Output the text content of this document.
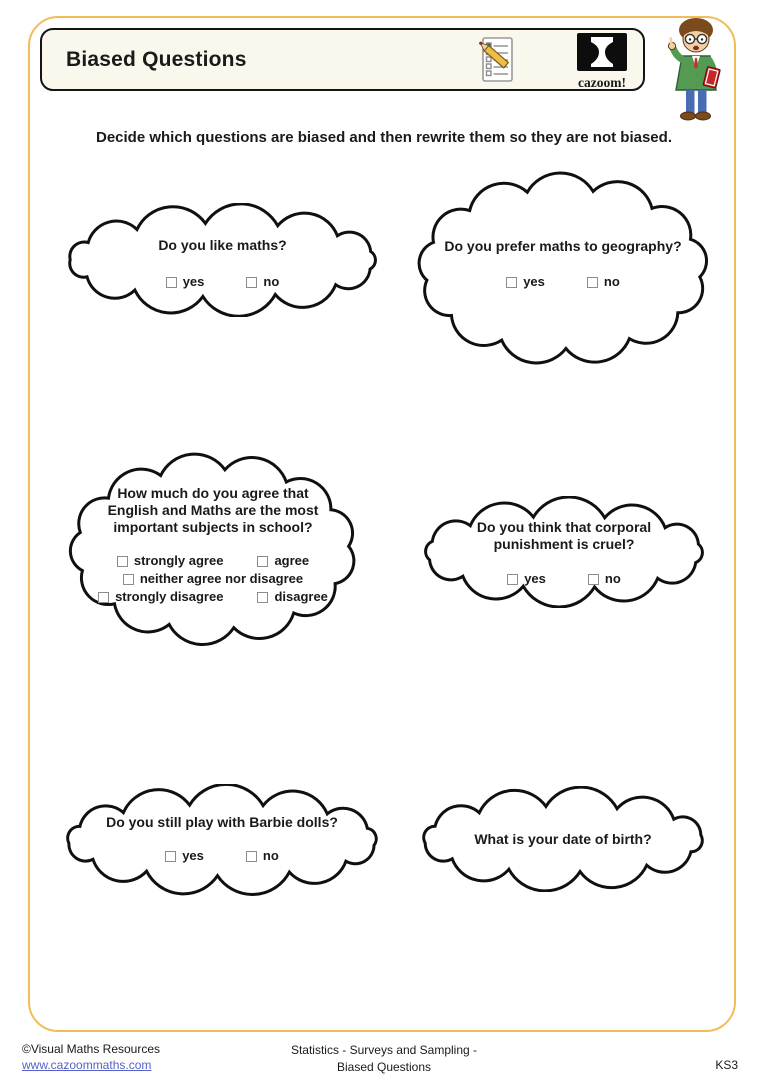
Biased Questions
cazoom!
Decide which questions are biased and then rewrite them so they are not biased.
Do you like maths?
yes	no
Do you prefer maths to geography?
yes	no
How much do you agree that English and Maths are the most important subjects in school?
strongly agree	agree
neither agree nor disagree
strongly disagree	disagree
Do you think that corporal punishment is cruel?
yes	no
Do you still play with Barbie dolls?
yes	no
What is your date of birth?
©Visual Maths Resources
www.cazoommaths.com
Statistics - Surveys and Sampling -
Biased Questions	KS3
